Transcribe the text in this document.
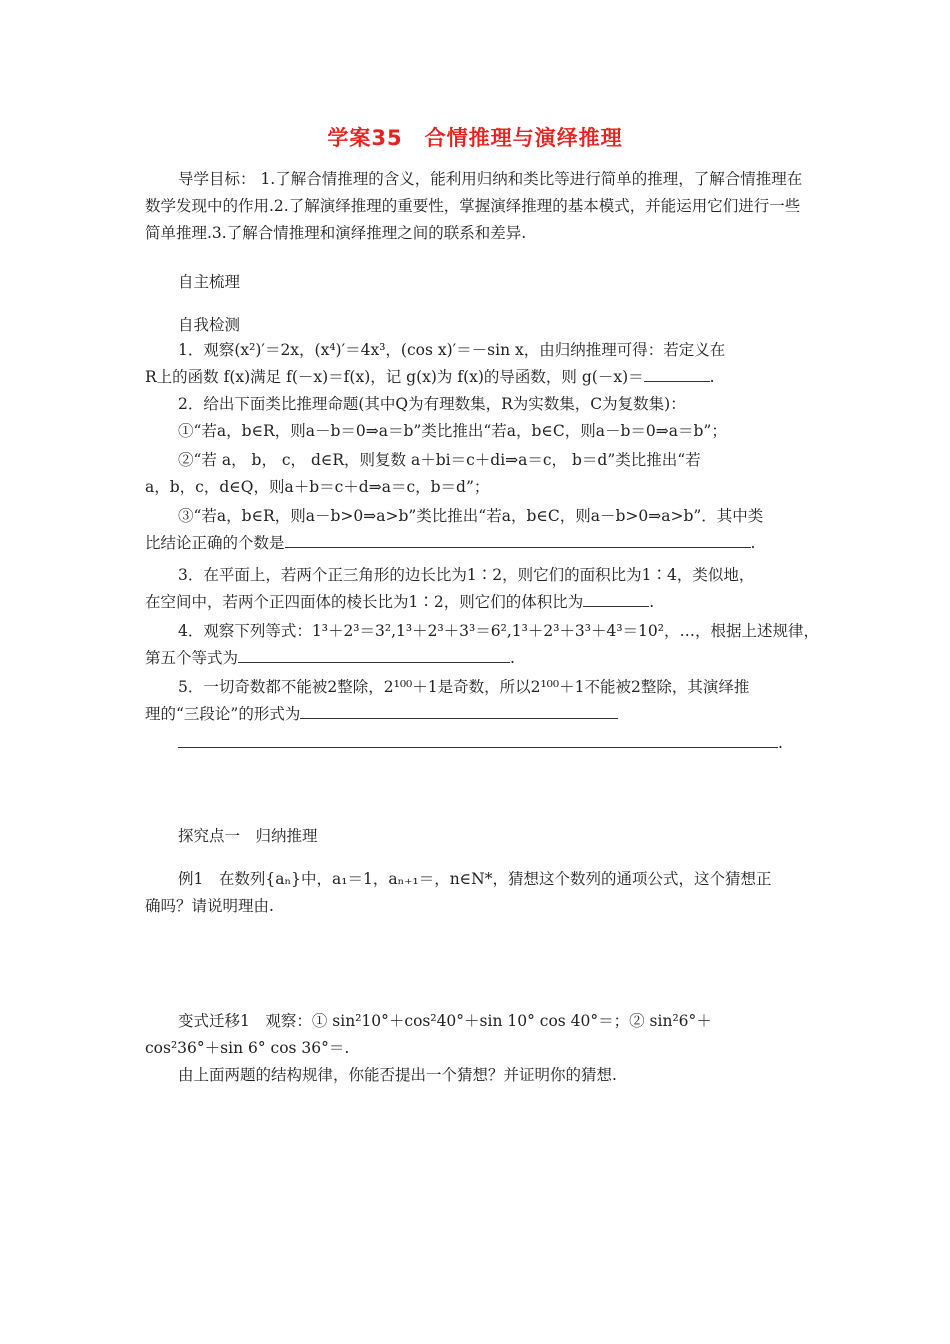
学案35　合情推理与演绎推理
导学目标： 1.了解合情推理的含义，能利用归纳和类比等进行简单的推理，了解合情推理在数学发现中的作用.2.了解演绎推理的重要性，掌握演绎推理的基本模式，并能运用它们进行一些简单推理.3.了解合情推理和演绎推理之间的联系和差异.
自主梳理
自我检测
1．观察(x²)′＝2x，(x⁴)′＝4x³，(cos x)′＝－sin x，由归纳推理可得：若定义在
R上的函数 f(x)满足 f(－x)＝f(x)，记 g(x)为 f(x)的导函数，则 g(－x)＝	.
2．给出下面类比推理命题(其中Q为有理数集，R为实数集，C为复数集)：
①“若a，b∈R，则a－b＝0⇒a＝b”类比推出“若a，b∈C，则a－b＝0⇒a＝b”；
②“若 a， b， c， d∈R，则复数 a＋bi＝c＋di⇒a＝c， b＝d”类比推出“若
a，b，c，d∈Q，则a＋b＝c＋d⇒a＝c，b＝d”；
③“若a，b∈R，则a－b>0⇒a>b”类比推出“若a，b∈C，则a－b>0⇒a>b”．其中类
比结论正确的个数是	.
3．在平面上，若两个正三角形的边长比为1∶2，则它们的面积比为1∶4，类似地，
在空间中，若两个正四面体的棱长比为1∶2，则它们的体积比为	.
4．观察下列等式：1³＋2³＝3²,1³＋2³＋3³＝6²,1³＋2³＋3³＋4³＝10²，…，根据上述规律，
第五个等式为	.
5．一切奇数都不能被2整除，2¹⁰⁰＋1是奇数，所以2¹⁰⁰＋1不能被2整除，其演绎推
理的“三段论”的形式为
.
探究点一　归纳推理
例1　在数列{aₙ}中，a₁＝1，aₙ₊₁＝，n∈N*，猜想这个数列的通项公式，这个猜想正
确吗？请说明理由.
变式迁移1　观察：① sin²10°＋cos²40°＋sin 10° cos 40°＝；② sin²6°＋
cos²36°＋sin 6° cos 36°＝.
由上面两题的结构规律，你能否提出一个猜想？并证明你的猜想.
